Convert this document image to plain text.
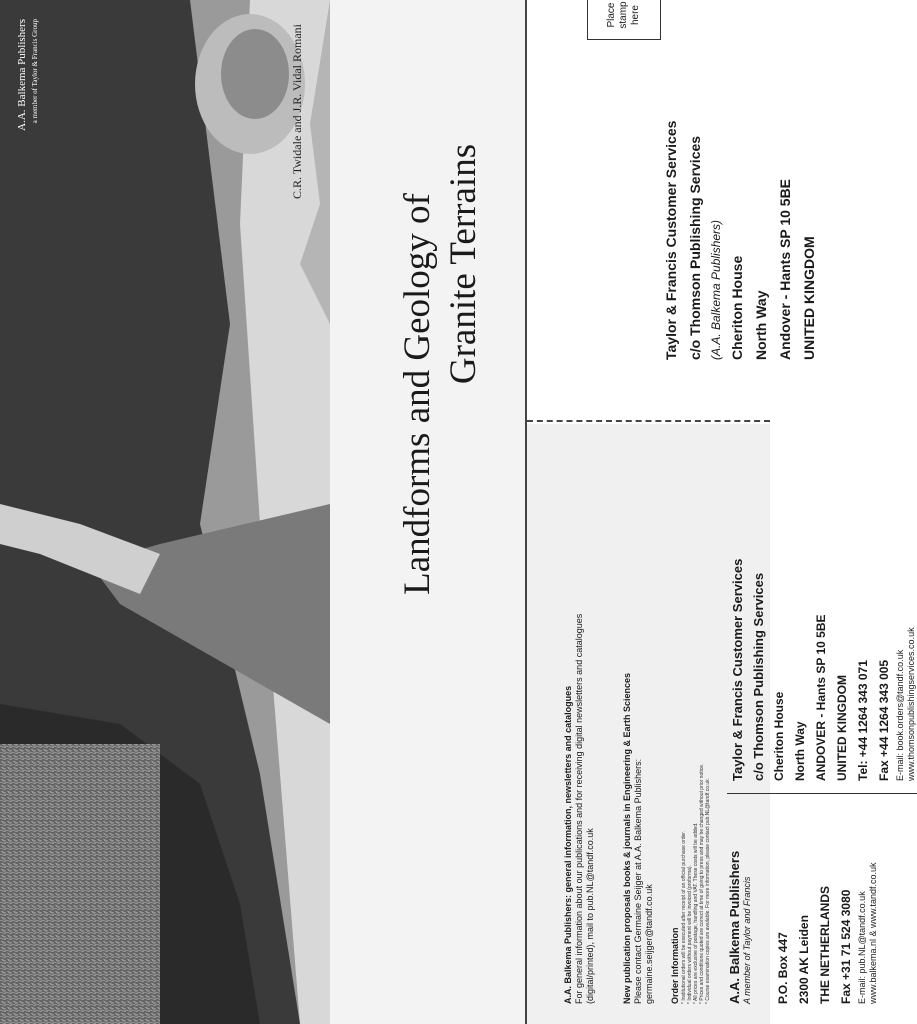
Landforms and Geology of Granite Terrains
C.R. Twidale and J.R. Vidal Romani
A.A. Balkema Publishers a member of Taylor & Francis Group
A.A. Balkema Publishers: general information, newsletters and catalogues For general information about our publications and for receiving digital newsletters and catalogues (digital/printed), mail to pub.NL@tandf.co.uk	New publication proposals books & journals in Engineering & Earth Sciences Please contact Germaine Seijger at A.A. Balkema Publishers: germaine.seijger@tandf.co.uk Order Information * Institutional orders will be executed after receipt of an official purchase order. * Individual orders without payment will be invoiced (proforma). * All prices are exclusive of postage, handling and VAT. These costs will be added. * Prices and conditions quoted are correct at time of going to press and may be changed without prior notice. * Course examination copies are available. For more information, please contact pub.NL@tandf.co.uk. A.A. Balkema Publishers A member of Taylor and Francis P.O. Box 447 2300 AK Leiden THE NETHERLANDS Fax +31 71 524 3080 E-mail: pub.NL@tandf.co.uk www.balkema.nl & www.tandf.co.uk
Taylor & Francis Customer Services c/o Thomson Publishing Services Cheriton House North Way ANDOVER - Hants SP 10 5BE UNITED KINGDOM Tel: +44 1264 343 071 Fax +44 1264 343 005 E-mail: book.orders@tandf.co.uk www.thomsonpublishingservices.co.uk
Place stamp here
Taylor & Francis Customer Services c/o Thomson Publishing Services (A.A. Balkema Publishers) Cheriton House North Way Andover - Hants SP 10 5BE UNITED KINGDOM
